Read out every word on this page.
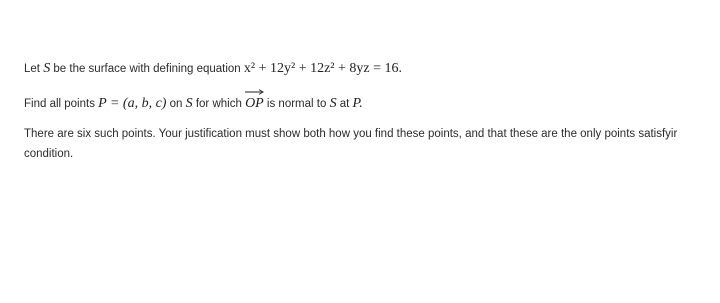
Let S be the surface with defining equation x² + 12y² + 12z² + 8yz = 16.
Find all points P = (a, b, c) on S for which
OP is normal to S at P.
There are six such points. Your justification must show both how you find these points, and that these are the only points satisfyir
condition.
